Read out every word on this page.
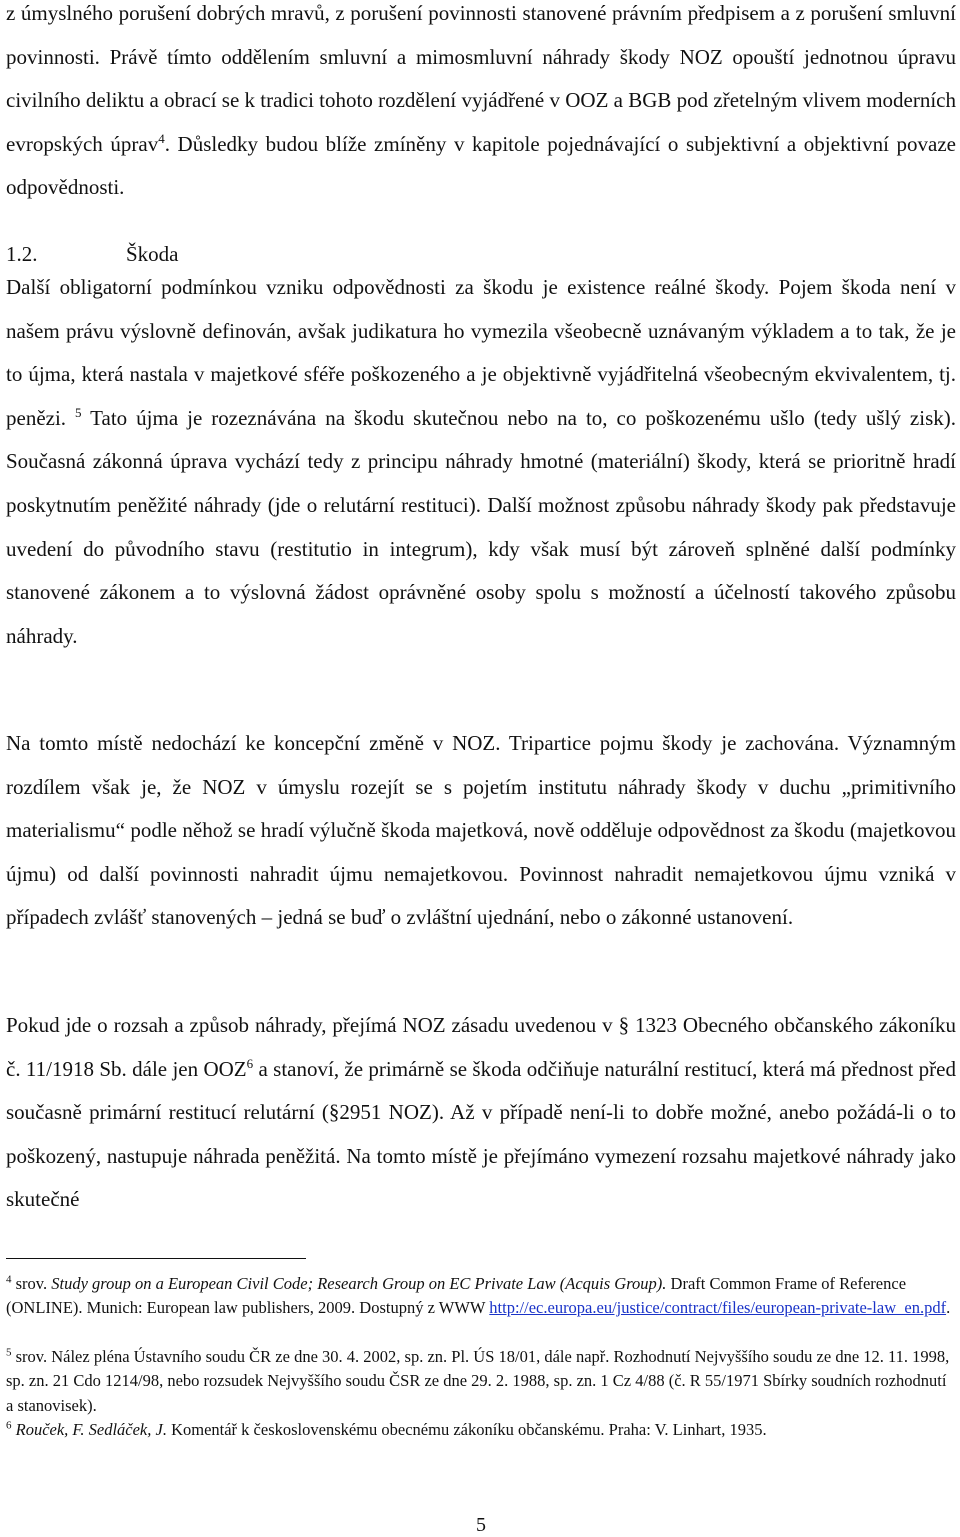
z úmyslného porušení dobrých mravů, z porušení povinnosti stanovené právním předpisem a z porušení smluvní povinnosti. Právě tímto oddělením smluvní a mimosmluvní náhrady škody NOZ opouští jednotnou úpravu civilního deliktu a obrací se k tradici tohoto rozdělení vyjádřené v OOZ a BGB pod zřetelným vlivem moderních evropských úprav$^4$. Důsledky budou blíže zmíněny v kapitole pojednávající o subjektivní a objektivní povaze odpovědnosti.

1.2.	Škoda

Další obligatorní podmínkou vzniku odpovědnosti za škodu je existence reálné škody. Pojem škoda není v našem právu výslovně definován, avšak judikatura ho vymezila všeobecně uznávaným výkladem a to tak, že je to újma, která nastala v majetkové sféře poškozeného a je objektivně vyjádřitelná všeobecným ekvivalentem, tj. penězi. $^5$ Tato újma je rozeznávána na škodu skutečnou nebo na to, co poškozenému ušlo (tedy ušlý zisk). Současná zákonná úprava vychází tedy z principu náhrady hmotné (materiální) škody, která se prioritně hradí poskytnutím peněžité náhrady (jde o relutární restituci). Další možnost způsobu náhrady škody pak představuje uvedení do původního stavu (restitutio in integrum), kdy však musí být zároveň splněné další podmínky stanovené zákonem a to výslovná žádost oprávněné osoby spolu s možností a účelností takového způsobu náhrady.

Na tomto místě nedochází ke koncepční změně v NOZ. Tripartice pojmu škody je zachována. Významným rozdílem však je, že NOZ v úmyslu rozejít se s pojetím institutu náhrady škody v duchu „primitivního materialismu“ podle něhož se hradí výlučně škoda majetková, nově odděluje odpovědnost za škodu (majetkovou újmu) od další povinnosti nahradit újmu nemajetkovou. Povinnost nahradit nemajetkovou újmu vzniká v případech zvlášť stanovených – jedná se buď o zvláštní ujednání, nebo o zákonné ustanovení.

Pokud jde o rozsah a způsob náhrady, přejímá NOZ zásadu uvedenou v § 1323 Obecného občanského zákoníku č. 11/1918 Sb. dále jen OOZ$^6$ a stanoví, že primárně se škoda odčiňuje naturální restitucí, která má přednost před současně primární restitucí relutární (§2951 NOZ). Až v případě není-li to dobře možné, anebo požádá-li o to poškozený, nastupuje náhrada peněžitá. Na tomto místě je přejímáno vymezení rozsahu majetkové náhrady jako skutečné

$^4$ srov. Study group on a European Civil Code; Research Group on EC Private Law (Acquis Group). Draft Common Frame of Reference (ONLINE). Munich: European law publishers, 2009. Dostupný z WWW http://ec.europa.eu/justice/contract/files/european-private-law_en.pdf.

$^5$ srov. Nález pléna Ústavního soudu ČR ze dne 30. 4. 2002, sp. zn. Pl. ÚS 18/01, dále např. Rozhodnutí Nejvyššího soudu ze dne 12. 11. 1998, sp. zn. 21 Cdo 1214/98, nebo rozsudek Nejvyššího soudu ČSR ze dne 29. 2. 1988, sp. zn. 1 Cz 4/88 (č. R 55/1971 Sbírky soudních rozhodnutí a stanovisek).

$^6$ Rouček, F. Sedláček, J. Komentář k československému obecnému zákoníku občanskému. Praha: V. Linhart, 1935.

5
